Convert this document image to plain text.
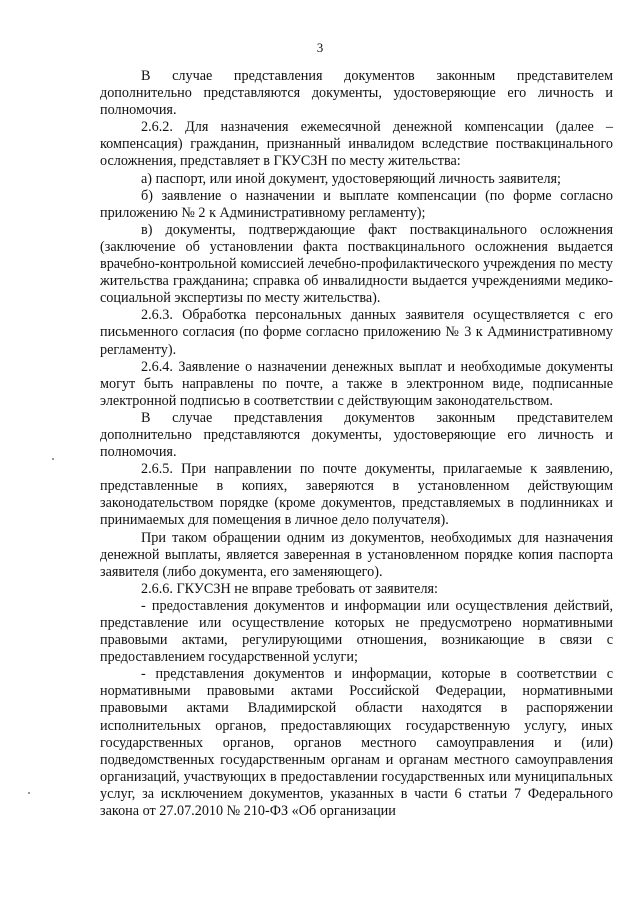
3

В случае представления документов законным представителем дополнительно представляются документы, удостоверяющие его личность и полномочия.

2.6.2. Для назначения ежемесячной денежной компенсации (далее – компенсация) гражданин, признанный инвалидом вследствие поствакцинального осложнения, представляет в ГКУСЗН по месту жительства:

а) паспорт, или иной документ, удостоверяющий личность заявителя;

б) заявление о назначении и выплате компенсации (по форме согласно приложению № 2 к Административному регламенту);

в) документы, подтверждающие факт поствакцинального осложнения (заключение об установлении факта поствакцинального осложнения выдается врачебно-контрольной комиссией лечебно-профилактического учреждения по месту жительства гражданина; справка об инвалидности выдается учреждениями медико-социальной экспертизы по месту жительства).

2.6.3. Обработка персональных данных заявителя осуществляется с его письменного согласия (по форме согласно приложению № 3 к Административному регламенту).

2.6.4. Заявление о назначении денежных выплат и необходимые документы могут быть направлены по почте, а также в электронном виде, подписанные электронной подписью в соответствии с действующим законодательством.

В случае представления документов законным представителем дополнительно представляются документы, удостоверяющие его личность и полномочия.

2.6.5. При направлении по почте документы, прилагаемые к заявлению, представленные в копиях, заверяются в установленном действующим законодательством порядке (кроме документов, представляемых в подлинниках и принимаемых для помещения в личное дело получателя).

При таком обращении одним из документов, необходимых для назначения денежной выплаты, является заверенная в установленном порядке копия паспорта заявителя (либо документа, его заменяющего).

2.6.6. ГКУСЗН не вправе требовать от заявителя:

- предоставления документов и информации или осуществления действий, представление или осуществление которых не предусмотрено нормативными правовыми актами, регулирующими отношения, возникающие в связи с предоставлением государственной услуги;

- представления документов и информации, которые в соответствии с нормативными правовыми актами Российской Федерации, нормативными правовыми актами Владимирской области находятся в распоряжении исполнительных органов, предоставляющих государственную услугу, иных государственных органов, органов местного самоуправления и (или) подведомственных государственным органам и органам местного самоуправления организаций, участвующих в предоставлении государственных или муниципальных услуг, за исключением документов, указанных в части 6 статьи 7 Федерального закона от 27.07.2010 № 210-ФЗ «Об организации
